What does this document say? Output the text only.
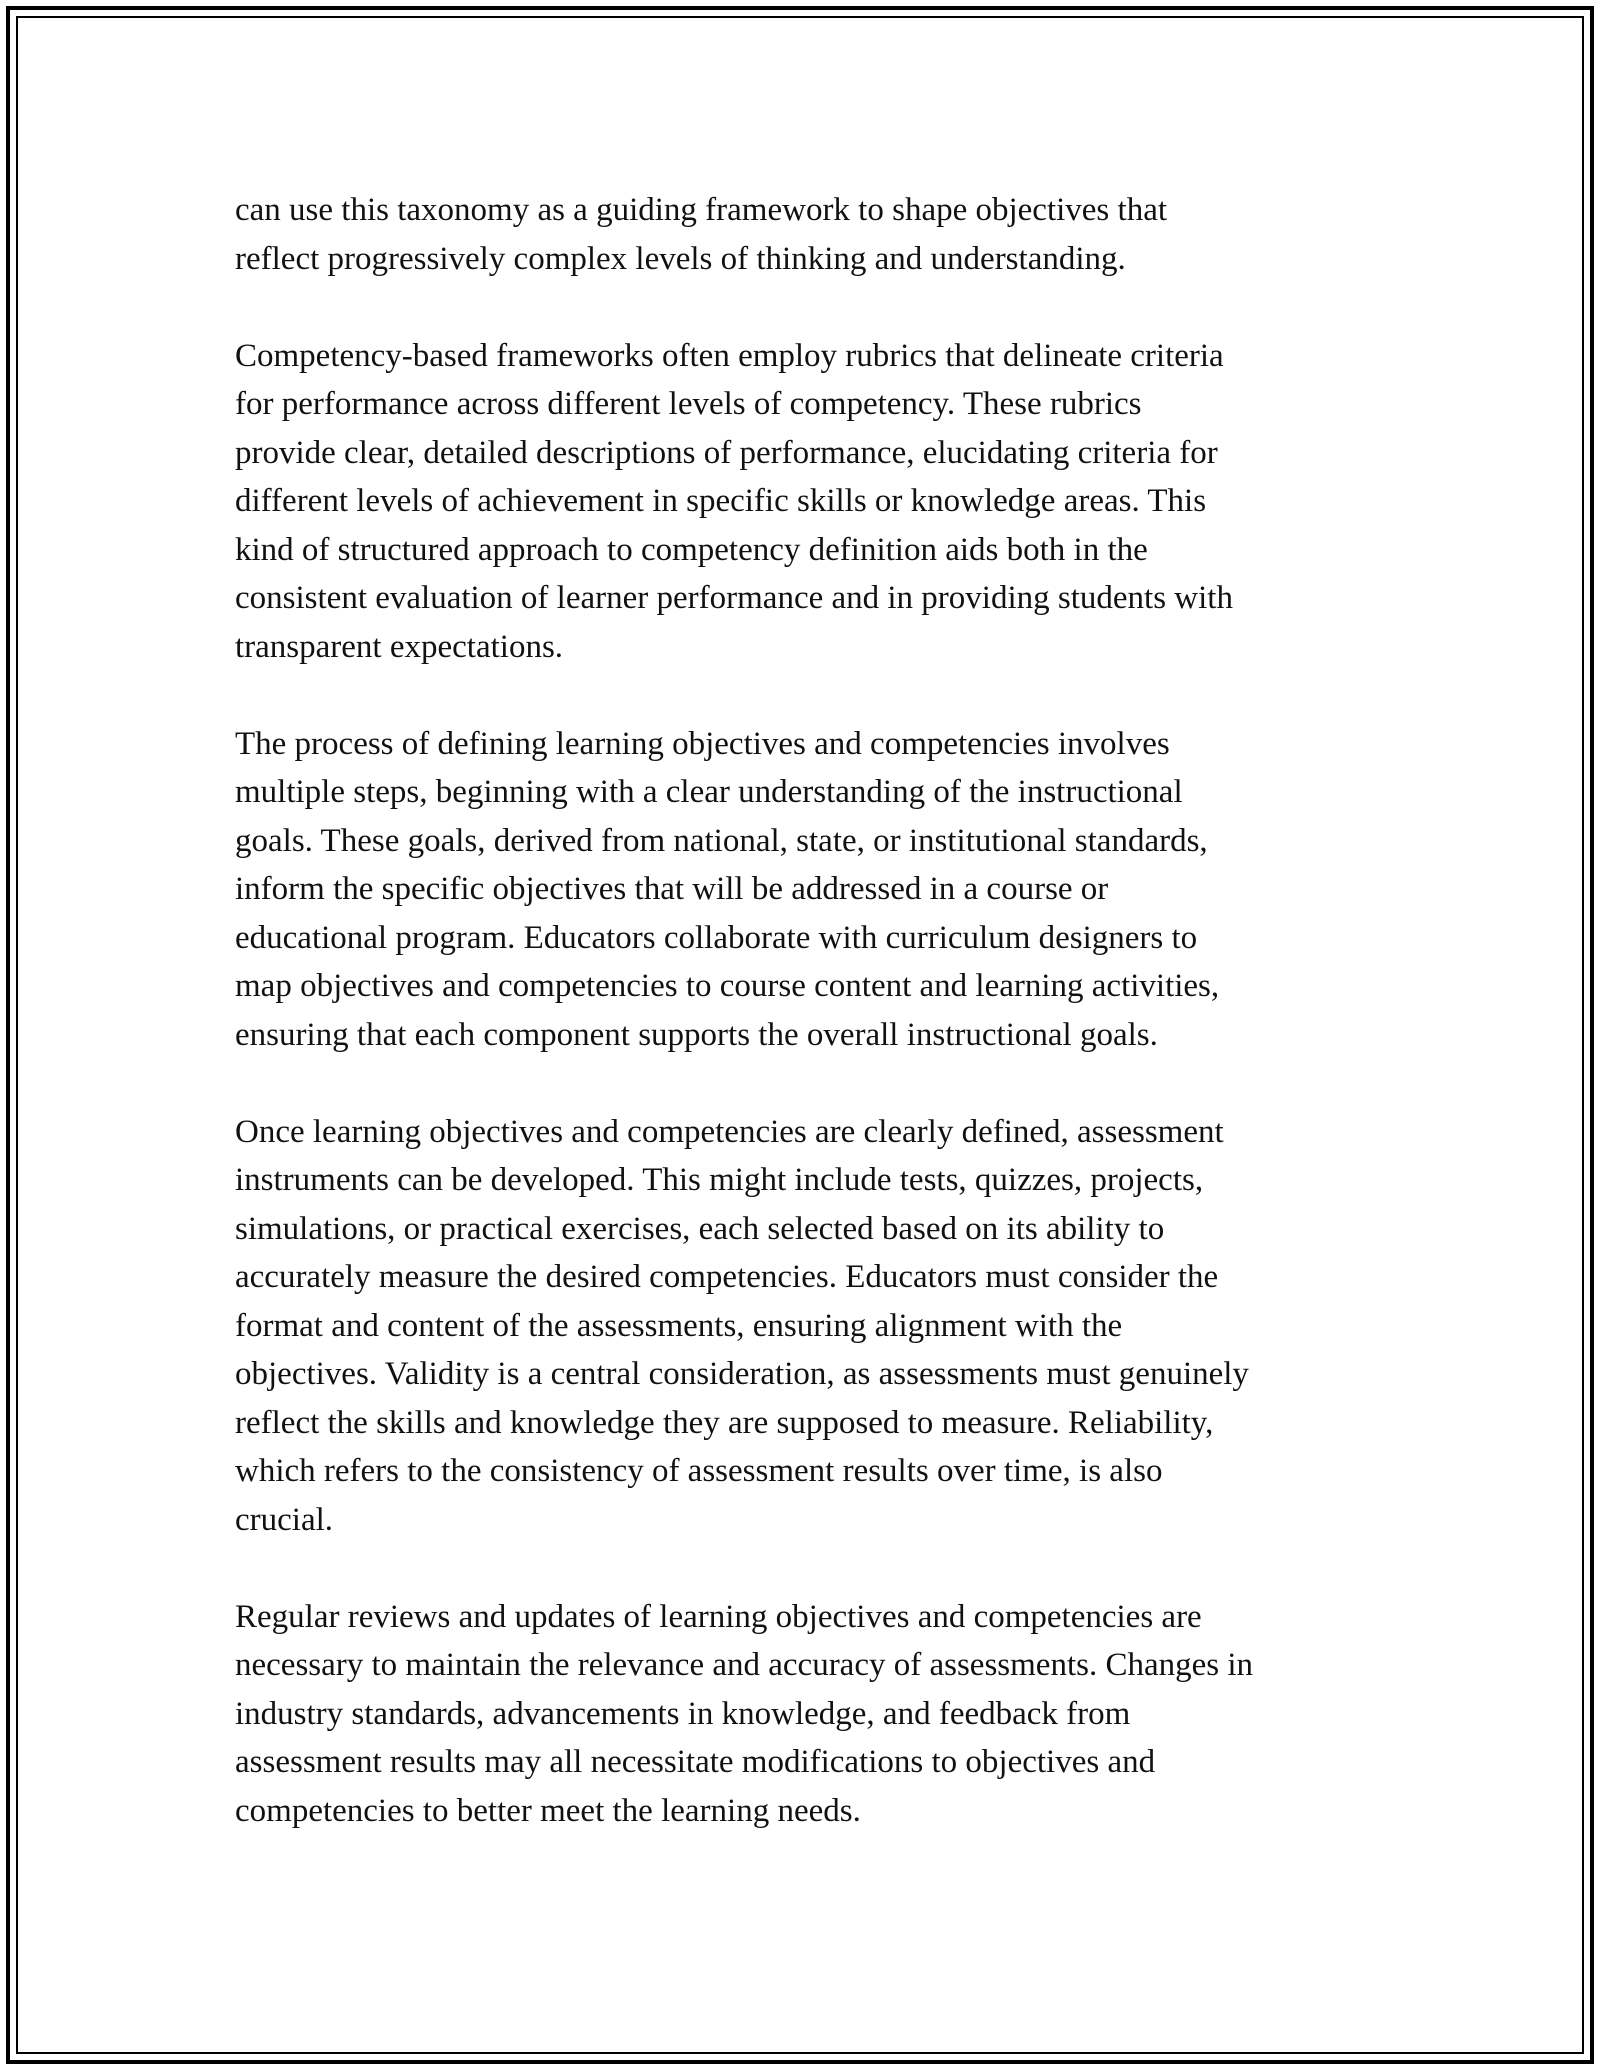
can use this taxonomy as a guiding framework to shape objectives that
reflect progressively complex levels of thinking and understanding.

Competency-based frameworks often employ rubrics that delineate criteria
for performance across different levels of competency. These rubrics
provide clear, detailed descriptions of performance, elucidating criteria for
different levels of achievement in specific skills or knowledge areas. This
kind of structured approach to competency definition aids both in the
consistent evaluation of learner performance and in providing students with
transparent expectations.

The process of defining learning objectives and competencies involves
multiple steps, beginning with a clear understanding of the instructional
goals. These goals, derived from national, state, or institutional standards,
inform the specific objectives that will be addressed in a course or
educational program. Educators collaborate with curriculum designers to
map objectives and competencies to course content and learning activities,
ensuring that each component supports the overall instructional goals.

Once learning objectives and competencies are clearly defined, assessment
instruments can be developed. This might include tests, quizzes, projects,
simulations, or practical exercises, each selected based on its ability to
accurately measure the desired competencies. Educators must consider the
format and content of the assessments, ensuring alignment with the
objectives. Validity is a central consideration, as assessments must genuinely
reflect the skills and knowledge they are supposed to measure. Reliability,
which refers to the consistency of assessment results over time, is also
crucial.

Regular reviews and updates of learning objectives and competencies are
necessary to maintain the relevance and accuracy of assessments. Changes in
industry standards, advancements in knowledge, and feedback from
assessment results may all necessitate modifications to objectives and
competencies to better meet the learning needs.
